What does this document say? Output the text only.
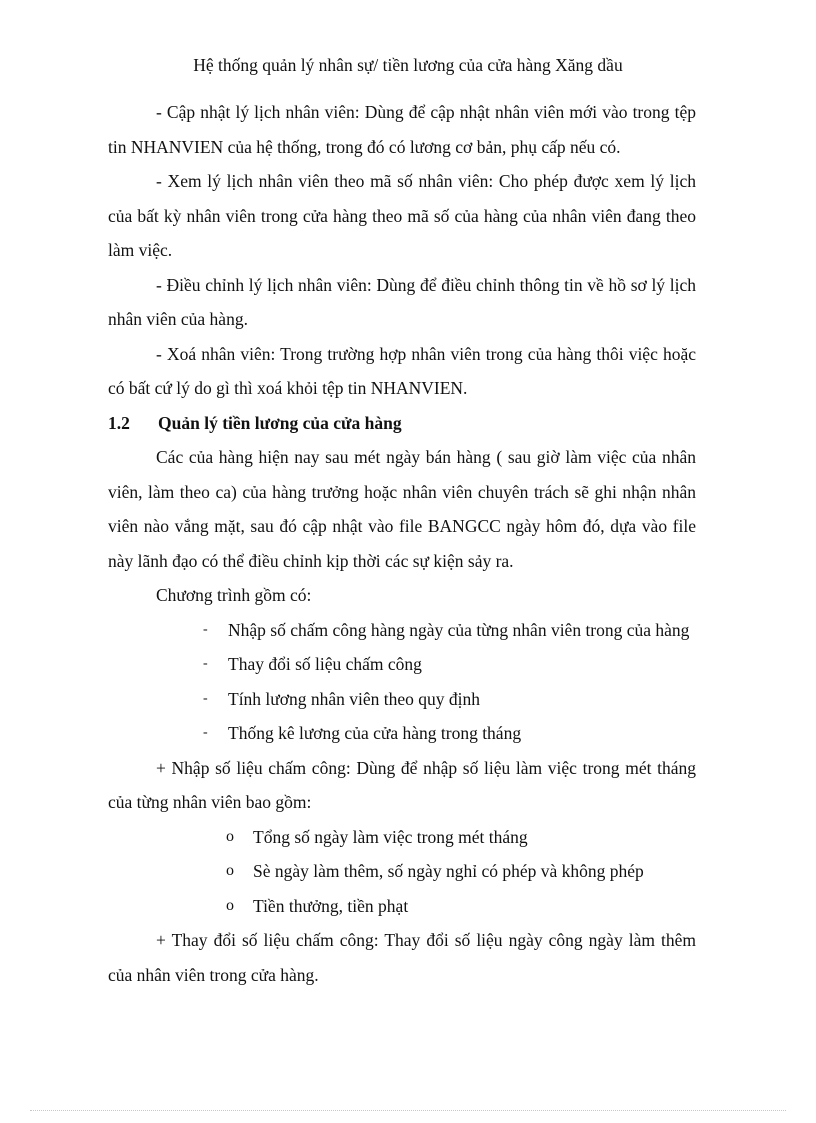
Hệ thống quản lý nhân sự/ tiền lương của cửa hàng Xăng dầu

- Cập nhật lý lịch nhân viên: Dùng để cập nhật nhân viên mới vào trong tệp tin NHANVIEN của hệ thống, trong đó có lương cơ bản, phụ cấp nếu có.

- Xem lý lịch nhân viên theo mã số nhân viên: Cho phép được xem lý lịch của bất kỳ nhân viên trong cửa hàng theo mã số của hàng của nhân viên đang theo làm việc.

- Điều chỉnh lý lịch nhân viên: Dùng để điều chỉnh thông tin về hồ sơ lý lịch nhân viên của hàng.

- Xoá nhân viên: Trong trường hợp nhân viên trong của hàng thôi việc hoặc có bất cứ lý do gì thì xoá khỏi tệp tin NHANVIEN.

1.2 Quản lý tiền lương của cửa hàng

Các của hàng hiện nay sau mét ngày bán hàng ( sau giờ làm việc của nhân viên, làm theo ca) của hàng trưởng hoặc nhân viên chuyên trách sẽ ghi nhận nhân viên nào vắng mặt, sau đó cập nhật vào file BANGCC ngày hôm đó, dựa vào file này lãnh đạo có thể điều chỉnh kịp thời các sự kiện sảy ra.

Chương trình gồm có:

- Nhập số chấm công hàng ngày của từng nhân viên trong của hàng
- Thay đổi số liệu chấm công
- Tính lương nhân viên theo quy định
- Thống kê lương của cửa hàng trong tháng

+ Nhập số liệu chấm công: Dùng để nhập số liệu làm việc trong mét tháng của từng nhân viên bao gồm:

o Tổng số ngày làm việc trong mét tháng
o Sè ngày làm thêm, số ngày nghỉ có phép và không phép
o Tiền thưởng, tiền phạt

+ Thay đổi số liệu chấm công: Thay đổi số liệu ngày công ngày làm thêm của nhân viên trong cửa hàng.
